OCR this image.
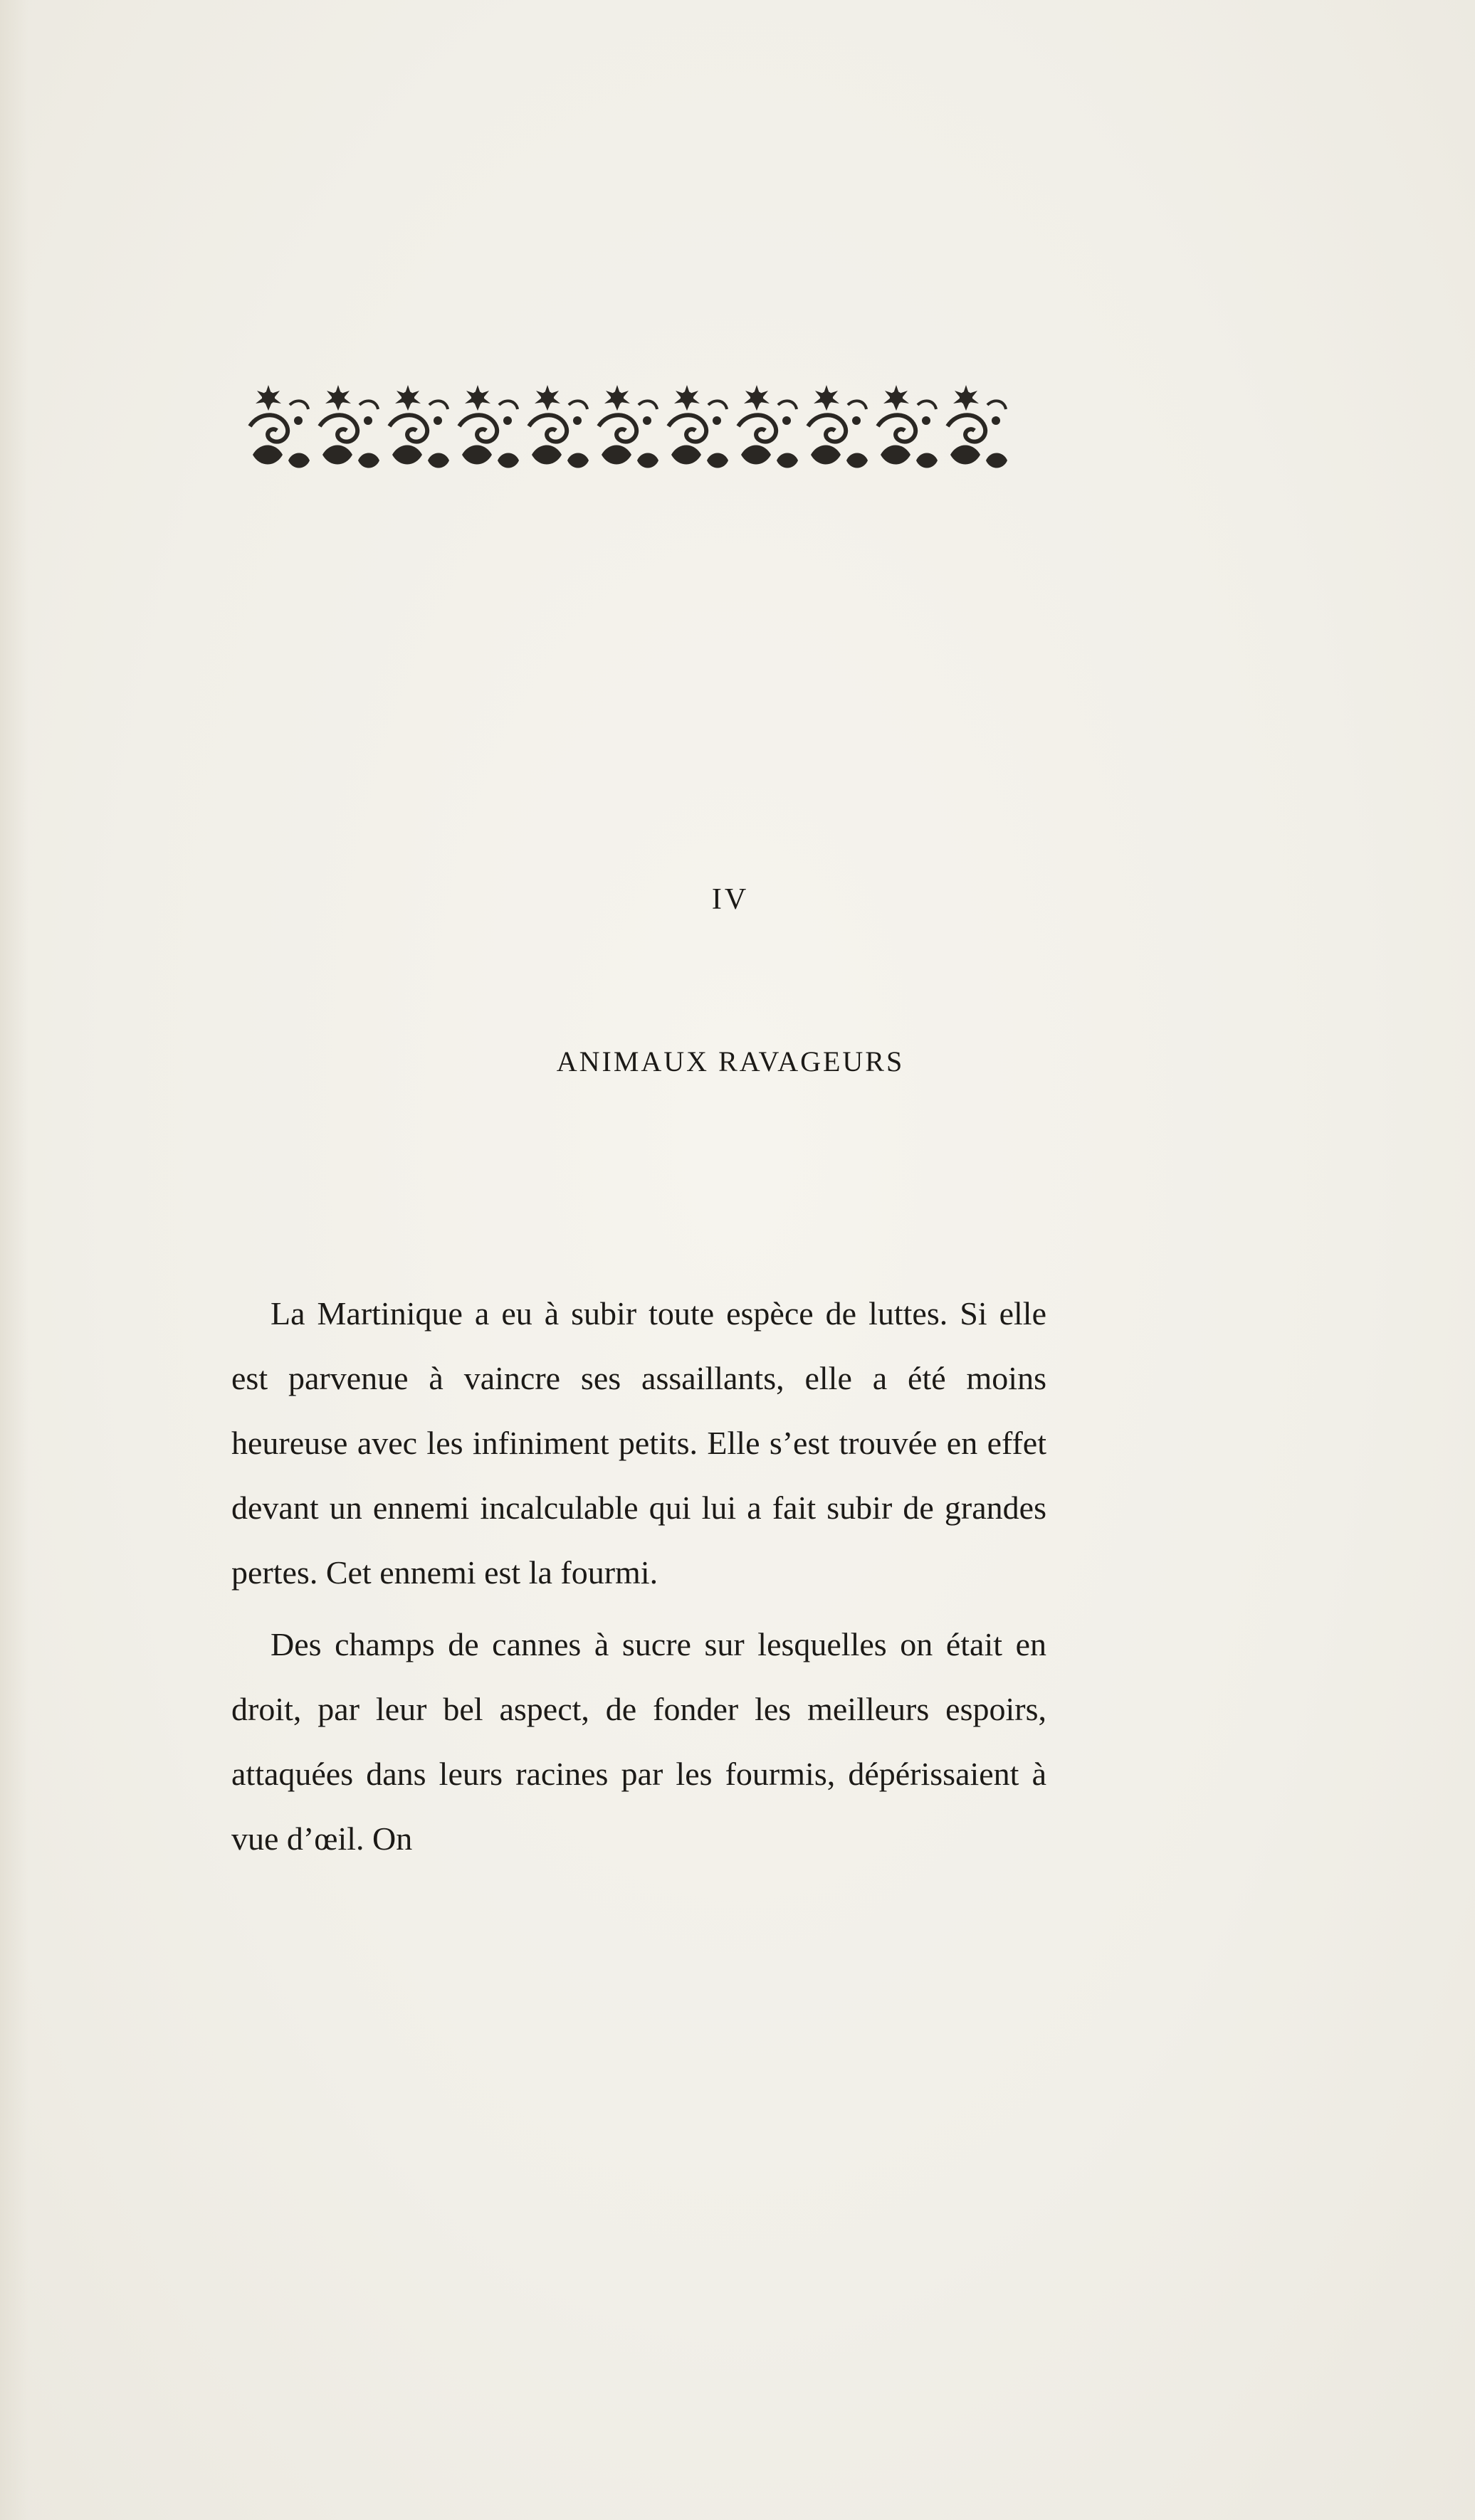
IV
ANIMAUX RAVAGEURS

La Martinique a eu à subir toute espèce de luttes. Si elle est parvenue à vaincre ses assaillants, elle a été moins heureuse avec les infiniment petits. Elle s’est trouvée en effet devant un ennemi incalculable qui lui a fait subir de grandes pertes. Cet ennemi est la fourmi.

Des champs de cannes à sucre sur lesquelles on était en droit, par leur bel aspect, de fonder les meilleurs espoirs, attaquées dans leurs racines par les fourmis, dépérissaient à vue d’œil. On
